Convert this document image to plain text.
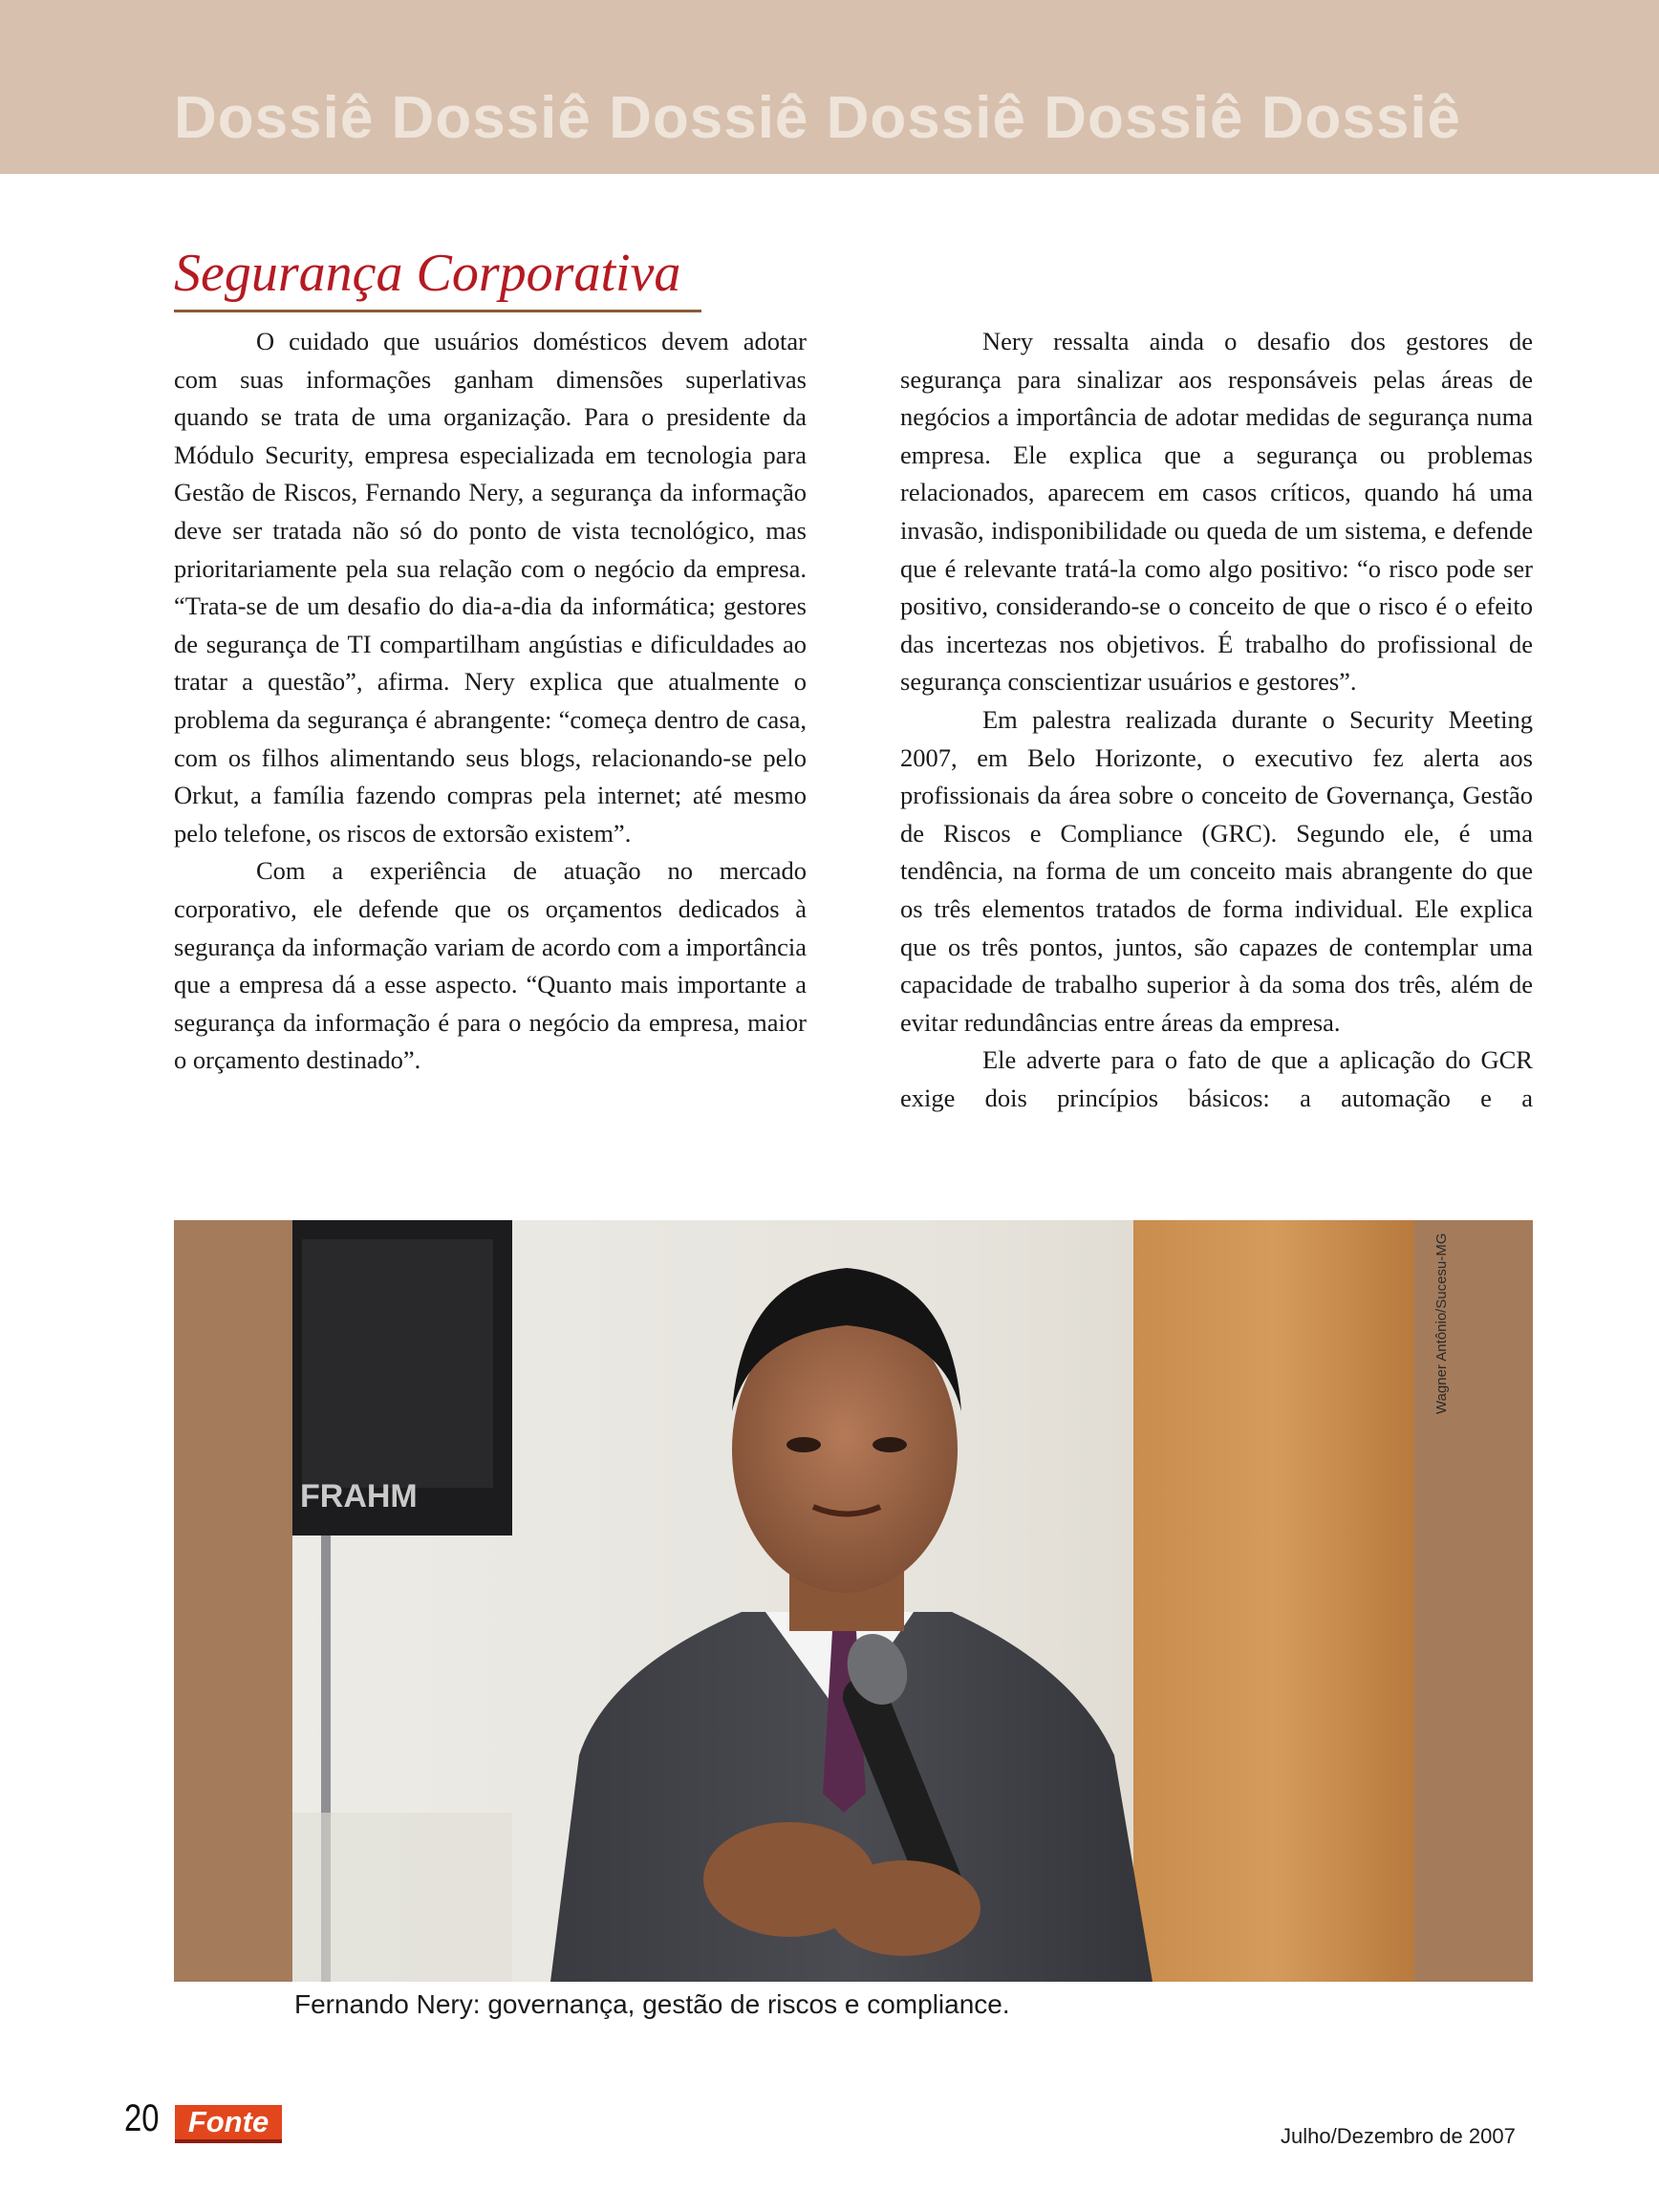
Dossiê Dossiê Dossiê Dossiê Dossiê Dossiê
Segurança Corporativa

O cuidado que usuários domésticos devem adotar com suas informações ganham dimensões superlativas quando se trata de uma organização. Para o presidente da Módulo Security, empresa especializada em tecnologia para Gestão de Riscos, Fernando Nery, a segurança da informação deve ser tratada não só do ponto de vista tecnológico, mas prioritariamente pela sua relação com o negócio da empresa. “Trata-se de um desafio do dia-a-dia da informática; gestores de segurança de TI compartilham angústias e dificuldades ao tratar a questão”, afirma. Nery explica que atualmente o problema da segurança é abrangente: “começa dentro de casa, com os filhos alimentando seus blogs, relacionando-se pelo Orkut, a família fazendo compras pela internet; até mesmo pelo telefone, os riscos de extorsão existem”.

Com a experiência de atuação no mercado corporativo, ele defende que os orçamentos dedicados à segurança da informação variam de acordo com a importância que a empresa dá a esse aspecto. “Quanto mais importante a segurança da informação é para o negócio da empresa, maior o orçamento destinado”.

Nery ressalta ainda o desafio dos gestores de segurança para sinalizar aos responsáveis pelas áreas de negócios a importância de adotar medidas de segurança numa empresa. Ele explica que a segurança ou problemas relacionados, aparecem em casos críticos, quando há uma invasão, indisponibilidade ou queda de um sistema, e defende que é relevante tratá-la como algo positivo: “o risco pode ser positivo, considerando-se o conceito de que o risco é o efeito das incertezas nos objetivos. É trabalho do profissional de segurança conscientizar usuários e gestores”.

Em palestra realizada durante o Security Meeting 2007, em Belo Horizonte, o executivo fez alerta aos profissionais da área sobre o conceito de Governança, Gestão de Riscos e Compliance (GRC). Segundo ele, é uma tendência, na forma de um conceito mais abrangente do que os três elementos tratados de forma individual. Ele explica que os três pontos, juntos, são capazes de contemplar uma capacidade de trabalho superior à da soma dos três, além de evitar redundâncias entre áreas da empresa.

Ele adverte para o fato de que a aplicação do GCR exige dois princípios básicos: a automação e a

FRAHM
Wagner Antônio/Sucesu-MG
Fernando Nery: governança, gestão de riscos e compliance.
20 Fonte	Julho/Dezembro de 2007
